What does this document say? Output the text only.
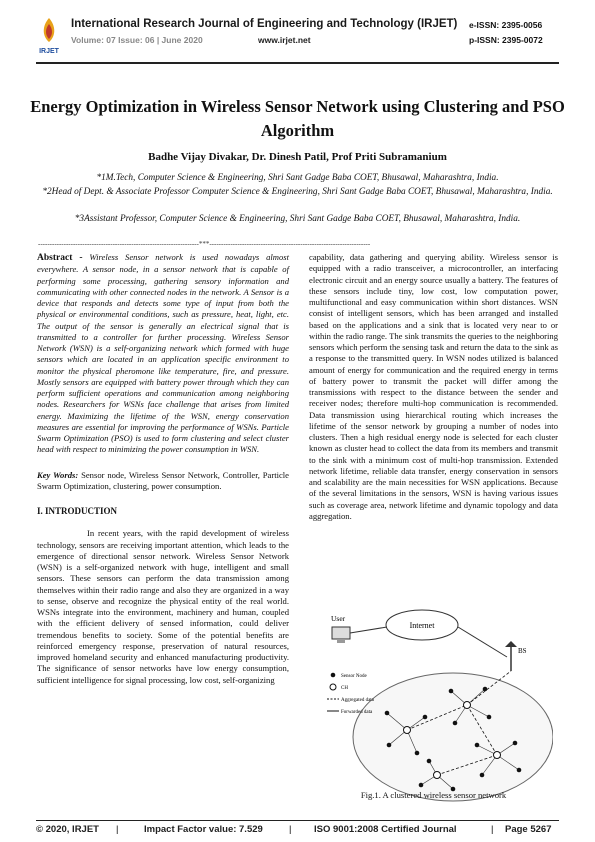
IRJET
International Research Journal of Engineering and Technology (IRJET)
Volume: 07 Issue: 06 | June 2020	www.irjet.net
e-ISSN: 2395-0056
p-ISSN: 2395-0072
Energy Optimization in Wireless Sensor Network using Clustering and PSO Algorithm
Badhe Vijay Divakar, Dr. Dinesh Patil, Prof Priti Subramanium
*1M.Tech, Computer Science & Engineering, Shri Sant Gadge Baba COET, Bhusawal, Maharashtra, India.
*2Head of Dept. & Associate Professor Computer Science & Engineering, Shri Sant Gadge Baba COET, Bhusawal, Maharashtra, India.
*3Assistant Professor, Computer Science & Engineering, Shri Sant Gadge Baba COET, Bhusawal, Maharashtra, India.
---------------------------------------------------------------------***---------------------------------------------------------------------
Abstract - Wireless Sensor network is used nowadays almost everywhere. A sensor node, in a sensor network that is capable of performing some processing, gathering sensory information and communicating with other connected nodes in the network. A Sensor is a device that responds and detects some type of input from both the physical or environmental conditions, such as pressure, heat, light, etc. The output of the sensor is generally an electrical signal that is transmitted to a controller for further processing. Wireless Sensor Network (WSN) is a self-organizing network which formed with huge sensors which are located in an application specific environment to monitor the physical pheromone like temperature, fire, and pressure. Mostly sensors are equipped with battery power through which they can perform sufficient operations and communication among neighboring nodes. Researchers for WSNs face challenge that arises from limited energy. Maximizing the lifetime of the WSN, energy conservation measures are essential for improving the performance of WSNs. Particle Swarm Optimization (PSO) is used to form clustering and select cluster head with respect to minimizing the power consumption in WSN.
Key Words: Sensor node, Wireless Sensor Network, Controller, Particle Swarm Optimization, clustering, power consumption.
I. INTRODUCTION
In recent years, with the rapid development of wireless technology, sensors are receiving important attention, which leads to the emergence of directional sensor network. Wireless Sensor Network (WSN) is a self-organized network with huge, intelligent and small sensors. These sensors can perform the data transmission among themselves within their radio range and also they are organized in a way to sense, observe and recognize the physical entity of the real world. WSNs integrate into the environment, machinery and human, coupled with the efficient delivery of sensed information, could deliver tremendous benefits to society. Some of the potential benefits are reinforced emergency response, preservation of natural resources, improved homeland security and enhanced manufacturing productivity. The significance of sensor networks have low energy consumption, sufficient intelligence for signal processing, low cost, self-organizing
capability, data gathering and querying ability. Wireless sensor is equipped with a radio transceiver, a microcontroller, an interfacing electronic circuit and an energy source usually a battery. The features of these sensors include tiny, low cost, low computation power, multifunctional and easy communication within short distances. WSN consist of intelligent sensors, which has been arranged and installed based on the applications and a sink that is located very near to or within the radio range. The sink transmits the queries to the neighboring sensors which perform the sensing task and return the data to the sink as a response to the transmitted query. In WSN nodes utilized is balanced amount of energy for communication and the required energy in terms of battery power to transmit the packet will differ among the transmissions with respect to the distance between the sender and receiver nodes; therefore multi-hop communication is recommended. Data transmission using hierarchical routing which increases the lifetime of the sensor network by grouping a number of nodes into clusters. Then a high residual energy node is selected for each cluster known as cluster head to collect the data from its members and transmit to the sink with a minimum cost of multi-hop transmission. Extended network lifetime, reliable data transfer, energy conservation in sensors and scalability are the main necessities for WSN applications. Because of the several limitations in the sensors, WSN is having various issues such as coverage area, network lifetime and dynamic topology and data aggregation.
Internet
User
BS
Sensor Node
CH
Aggregated data
Forwarded data
Fig.1. A clustered wireless sensor network
© 2020, IRJET |	Impact Factor value: 7.529	| ISO 9001:2008 Certified Journal	| Page 5267
